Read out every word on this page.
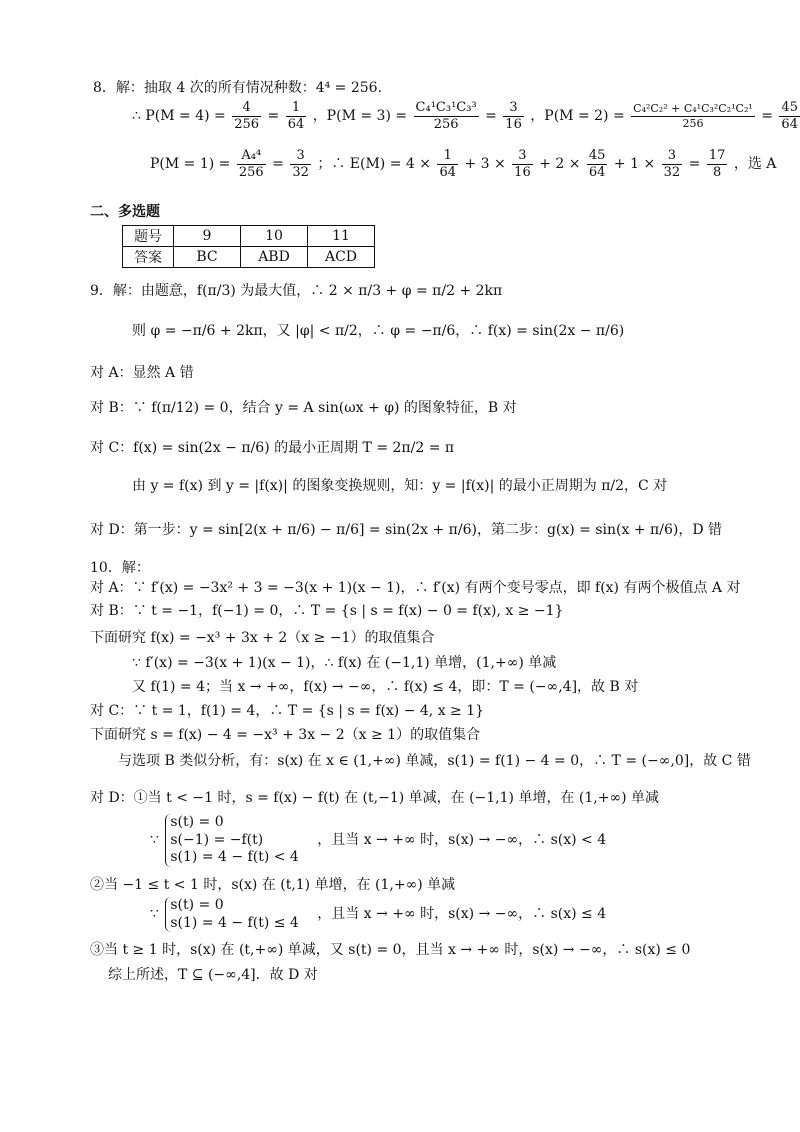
8．解：抽取 4 次的所有情况种数：4⁴ = 256．
∴ $P(M = 4) = \frac{4}{256} = \frac{1}{64}$ ，$P(M = 3) = \frac{\text{C₄¹C₃¹C₃³}}{256} = \frac{3}{16}$ ，$P(M = 2) = \frac{\text{C₄²C₂² + C₄¹C₃²C₂¹C₂¹}}{256} = \frac{45}{64}$
$P(M = 1) = \frac{\text{A₄⁴}}{256} = \frac{3}{32}$ ；∴ $E(M) = 4 \times \frac{1}{64} + 3 \times \frac{3}{16} + 2 \times \frac{45}{64} + 1 \times \frac{3}{32} = \frac{17}{8}$ ，选 A
二、多选题
题号	9	10	11
答案	BC	ABD	ACD
9．解：由题意，f(π/3) 为最大值，∴ 2 × π/3 + φ = π/2 + 2kπ
则 φ = −π/6 + 2kπ，又 |φ| < π/2，∴ φ = −π/6，∴ f(x) = sin(2x − π/6)
对 A：显然 A 错
对 B：∵ f(π/12) = 0，结合 y = A sin(ωx + φ) 的图象特征，B 对
对 C：f(x) = sin(2x − π/6) 的最小正周期 T = 2π/2 = π
由 y = f(x) 到 y = |f(x)| 的图象变换规则，知：y = |f(x)| 的最小正周期为 π/2，C 对
对 D：第一步：y = sin[2(x + π/6) − π/6] = sin(2x + π/6)，第二步：g(x) = sin(x + π/6)，D 错
10．解：
对 A：∵ f′(x) = −3x² + 3 = −3(x + 1)(x − 1)，∴ f′(x) 有两个变号零点，即 f(x) 有两个极值点 A 对
对 B：∵ t = −1，f(−1) = 0，∴ T = {s | s = f(x) − 0 = f(x), x ≥ −1}
下面研究 f(x) = −x³ + 3x + 2（x ≥ −1）的取值集合
∵ f′(x) = −3(x + 1)(x − 1)，∴ f(x) 在 (−1,1) 单增，(1,+∞) 单减
又 f(1) = 4；当 x → +∞，f(x) → −∞，∴ f(x) ≤ 4，即：T = (−∞,4]，故 B 对
对 C：∵ t = 1，f(1) = 4，∴ T = {s | s = f(x) − 4, x ≥ 1}
下面研究 s = f(x) − 4 = −x³ + 3x − 2（x ≥ 1）的取值集合
与选项 B 类似分析，有：s(x) 在 x ∈ (1,+∞) 单减，s(1) = f(1) − 4 = 0，∴ T = (−∞,0]，故 C 错
对 D：①当 t < −1 时，s = f(x) − f(t) 在 (t,−1) 单减，在 (−1,1) 单增，在 (1,+∞) 单减
∵
s(t) = 0
s(−1) = −f(t)
s(1) = 4 − f(t) < 4
，且当 x → +∞ 时，s(x) → −∞，∴ s(x) < 4
②当 −1 ≤ t < 1 时，s(x) 在 (t,1) 单增，在 (1,+∞) 单减
∵
s(t) = 0
s(1) = 4 − f(t) ≤ 4
，且当 x → +∞ 时，s(x) → −∞，∴ s(x) ≤ 4
③当 t ≥ 1 时，s(x) 在 (t,+∞) 单减，又 s(t) = 0，且当 x → +∞ 时，s(x) → −∞，∴ s(x) ≤ 0
综上所述，T ⊆ (−∞,4]．故 D 对
